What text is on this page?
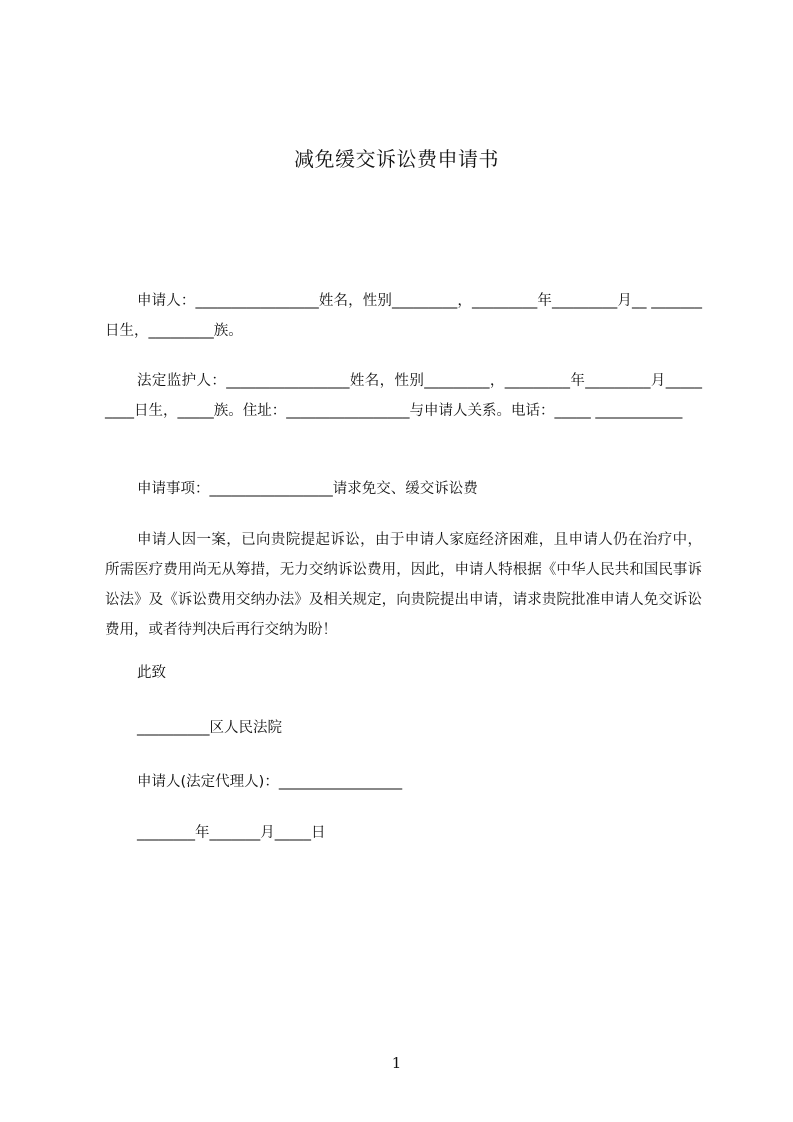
减免缓交诉讼费申请书
申请人：_________________姓名，性别_________，_________年_________月__ _______日生，_________族。
法定监护人：_________________姓名，性别_________，_________年_________月_________日生，_____族。住址：_________________与申请人关系。电话：_____ ____________
申请事项：_________________请求免交、缓交诉讼费
申请人因一案，已向贵院提起诉讼，由于申请人家庭经济困难，且申请人仍在治疗中，所需医疗费用尚无从筹措，无力交纳诉讼费用，因此，申请人特根据《中华人民共和国民事诉讼法》及《诉讼费用交纳办法》及相关规定，向贵院提出申请，请求贵院批准申请人免交诉讼费用，或者待判决后再行交纳为盼！
此致
__________区人民法院
申请人(法定代理人)：_________________
________年_______月_____日
1
